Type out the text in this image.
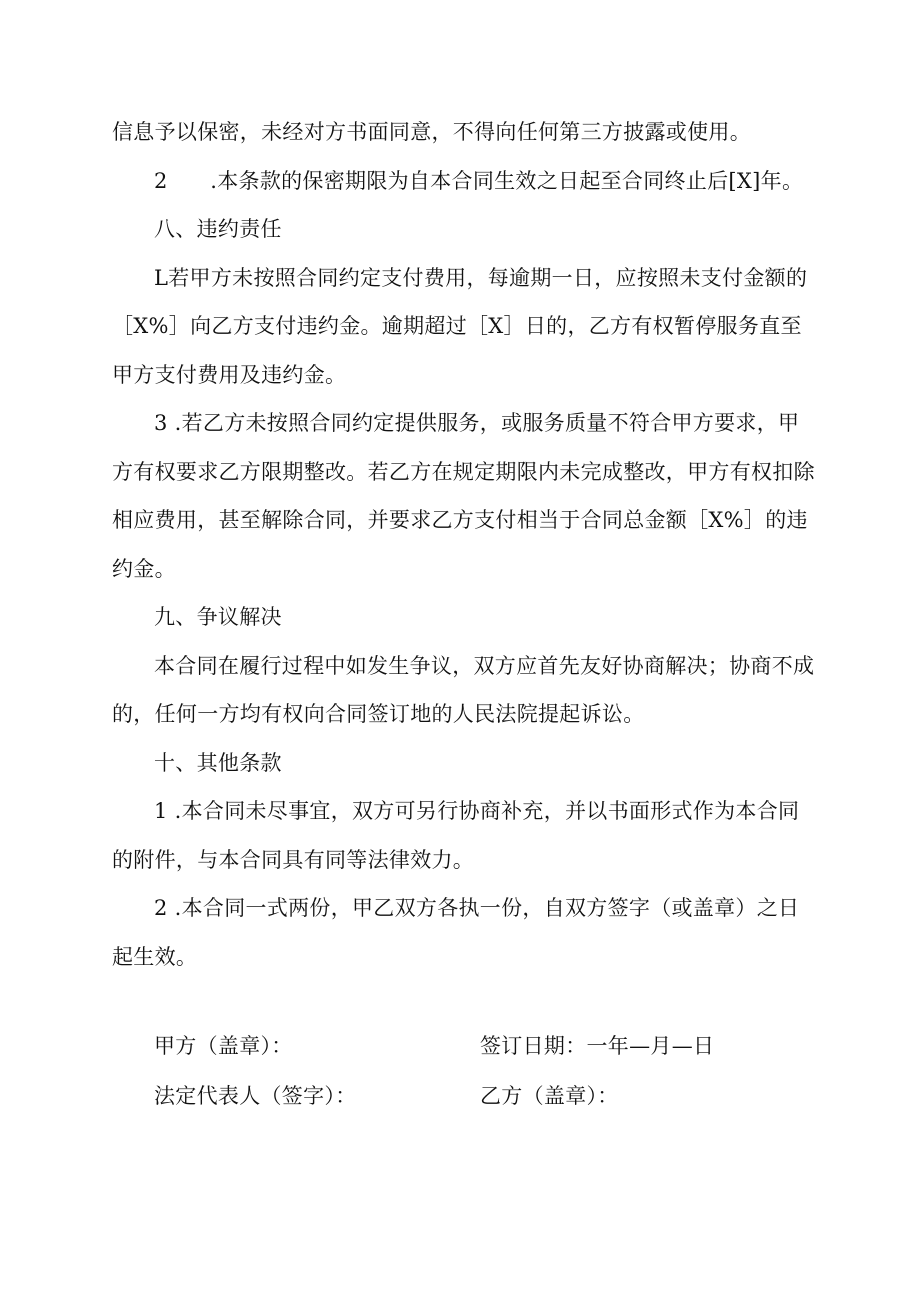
信息予以保密，未经对方书面同意，不得向任何第三方披露或使用。

2　　.本条款的保密期限为自本合同生效之日起至合同终止后[X]年。

八、违约责任

L若甲方未按照合同约定支付费用，每逾期一日，应按照未支付金额的［X%］向乙方支付违约金。逾期超过［X］日的，乙方有权暂停服务直至甲方支付费用及违约金。

3 .若乙方未按照合同约定提供服务，或服务质量不符合甲方要求，甲方有权要求乙方限期整改。若乙方在规定期限内未完成整改，甲方有权扣除相应费用，甚至解除合同，并要求乙方支付相当于合同总金额［X%］的违约金。

九、争议解决

本合同在履行过程中如发生争议，双方应首先友好协商解决；协商不成的，任何一方均有权向合同签订地的人民法院提起诉讼。

十、其他条款

1 .本合同未尽事宜，双方可另行协商补充，并以书面形式作为本合同的附件，与本合同具有同等法律效力。

2 .本合同一式两份，甲乙双方各执一份，自双方签字（或盖章）之日起生效。

甲方（盖章）：	签订日期：一年—月—日
法定代表人（签字）：	乙方（盖章）：
